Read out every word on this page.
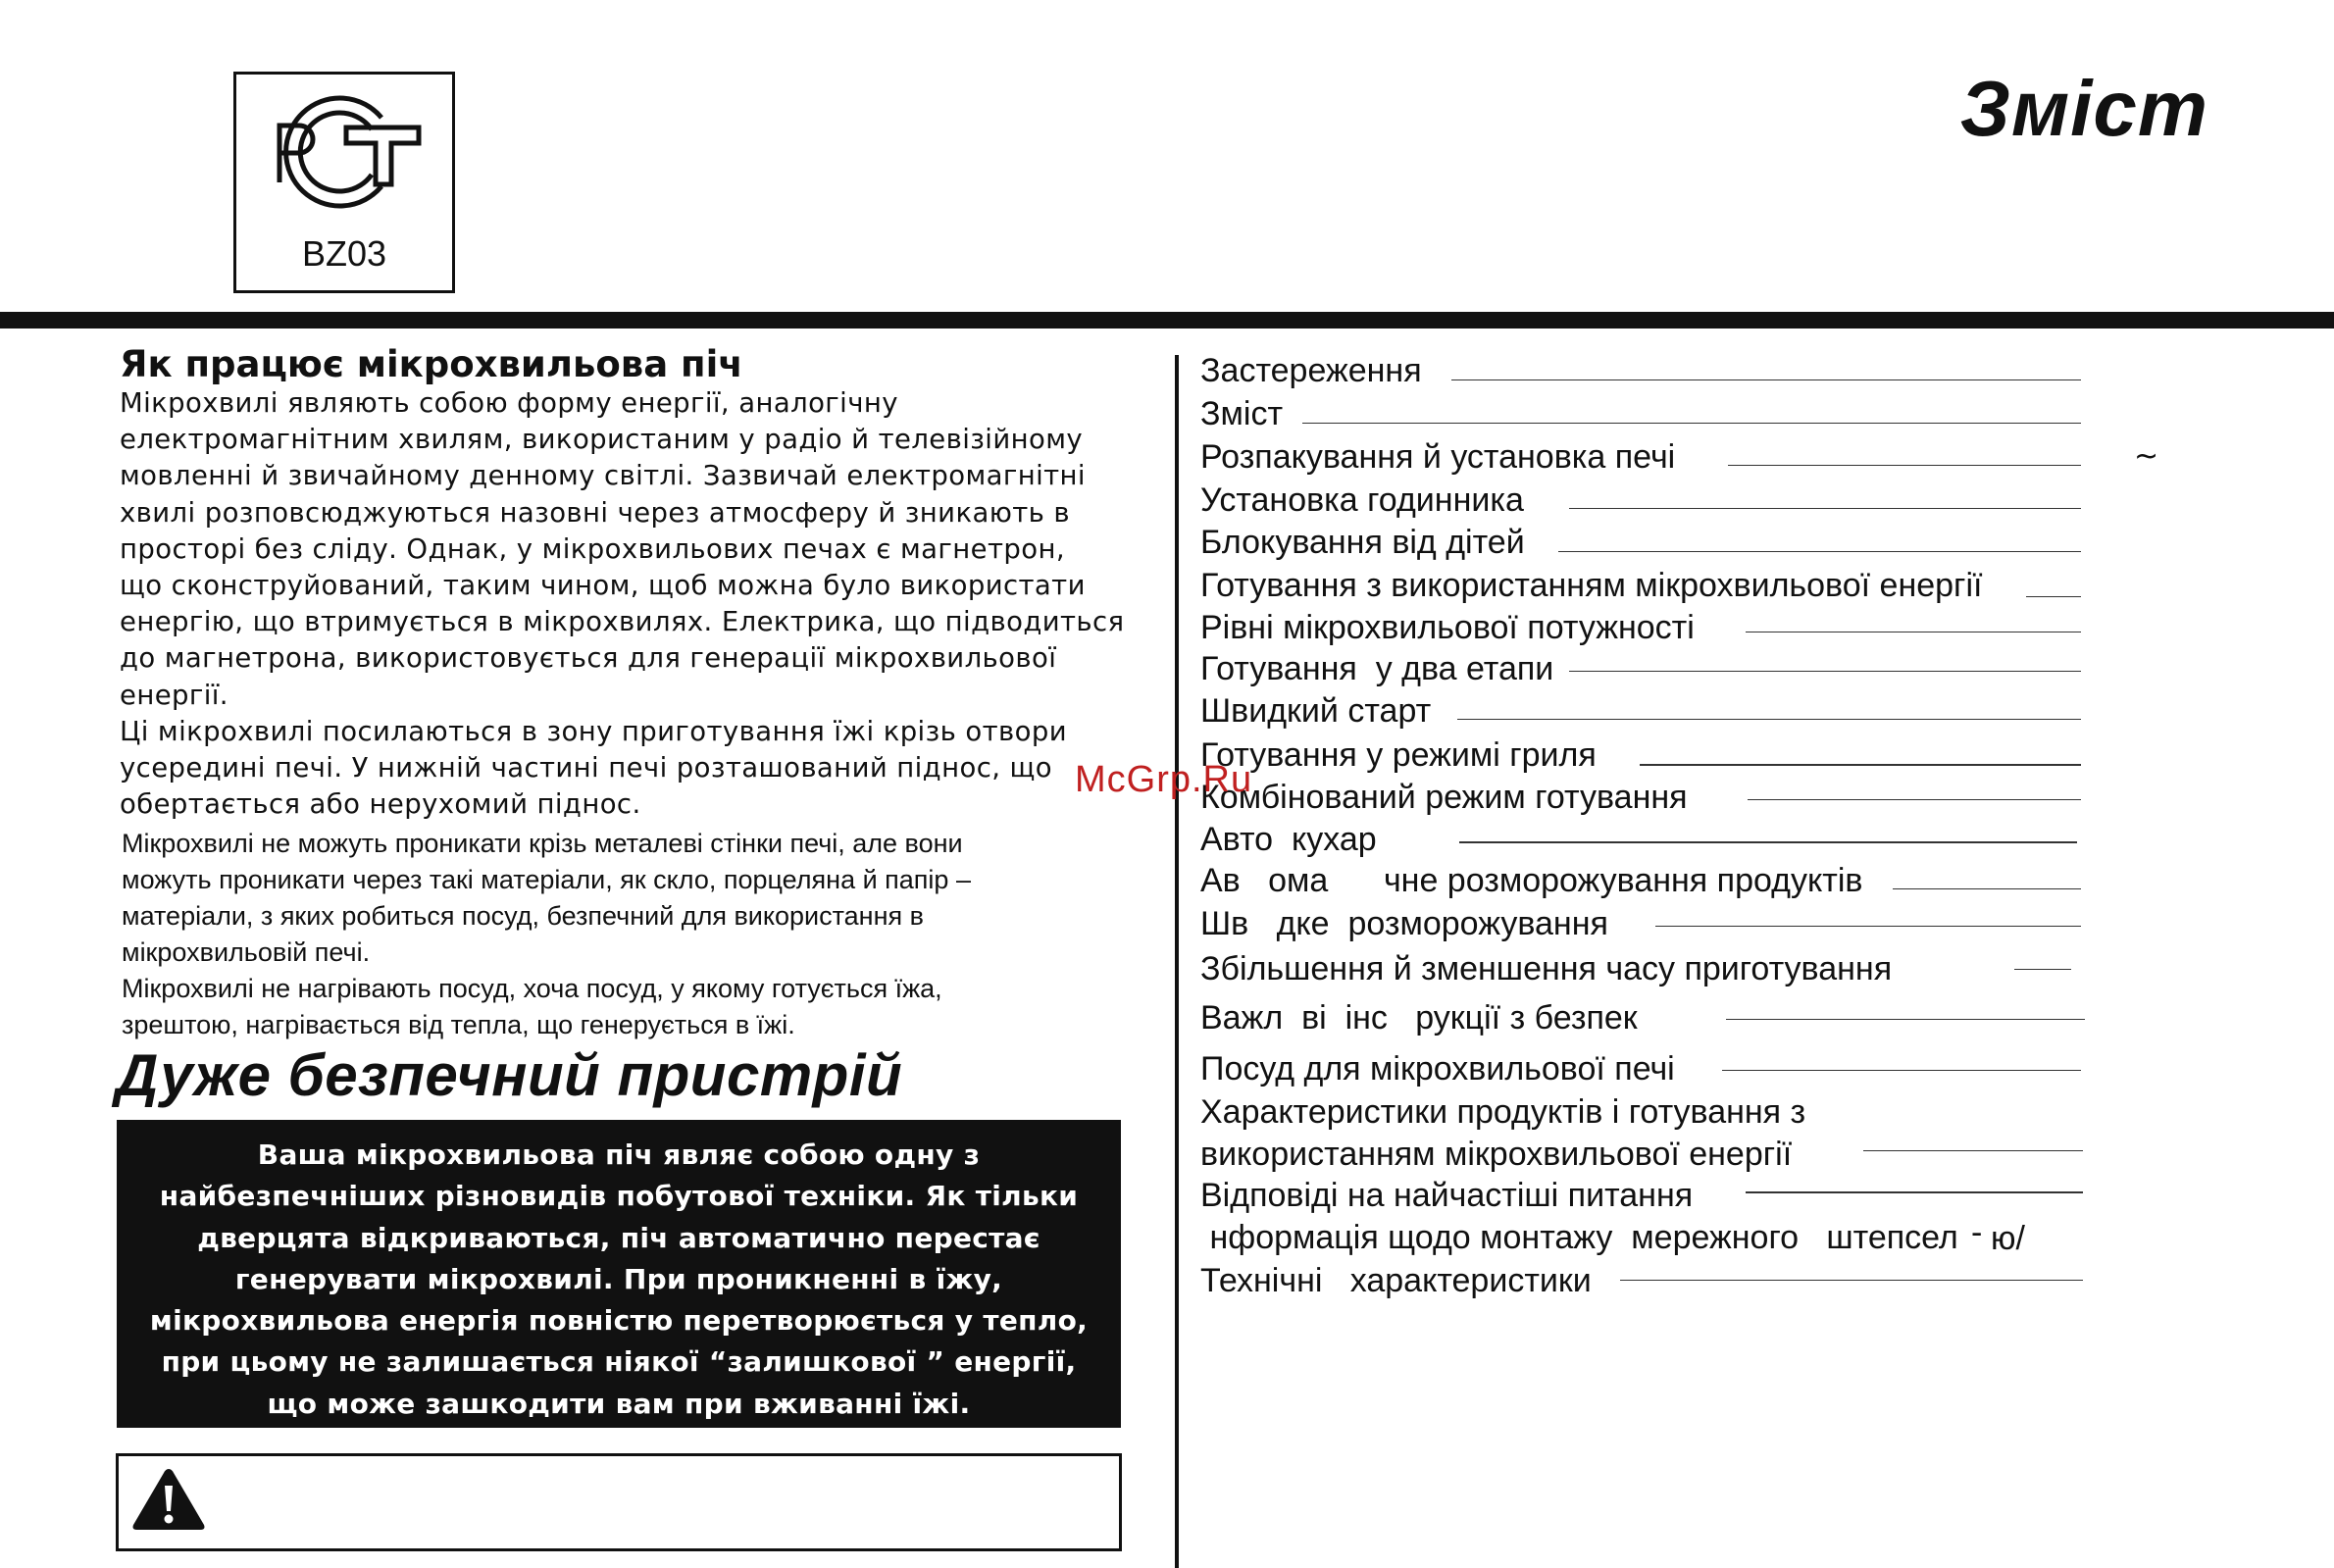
BZ03
Зміст
Як працює мікрохвильова піч

Мікрохвилі являють собою форму енергії, аналогічну

електромагнітним хвилям, використаним у радіо й телевізійному

мовленні й звичайному денному світлі. Зазвичай електромагнітні

хвилі розповсюджуються назовні через атмосферу й зникають в

просторі без сліду. Однак, у мікрохвильових печах є магнетрон,

що сконструйований, таким чином, щоб можна було використати

енергію, що втримується в мікрохвилях. Електрика, що підводиться

до магнетрона, використовується для генерації мікрохвильової

енергії.

Ці мікрохвилі посилаються в зону приготування їжі крізь отвори

усередині печі. У нижній частині печі розташований піднос, що

обертається або нерухомий піднос.

Мікрохвилі не можуть проникати крізь металеві стінки печі, але вони

можуть проникати через такі матеріали, як скло, порцеляна й папір –

матеріали, з яких робиться посуд, безпечний для використання в

мікрохвильовій печі.

Мікрохвилі не нагрівають посуд, хоча посуд, у якому готується їжа,

зрештою, нагрівається від тепла, що генерується в їжі.

Дуже безпечний пристрій

Ваша мікрохвильова піч являє собою одну з

найбезпечніших різновидів побутової техніки. Як тільки

дверцята відкриваються, піч автоматично перестає

генерувати мікрохвилі. При проникненні в їжу,

мікрохвильова енергія повністю перетворюється у тепло,

при цьому не залишається ніякої “залишкової ” енергії,

що може зашкодити вам при вживанні їжі.

Застереження
Зміст
Розпакування й установка печі	~
Установка годинника
Блокування від дітей
Готування з використанням мікрохвильової енергії
Рівні мікрохвильової потужності
Готування  у два етапи
Швидкий старт
Готування у режимі гриля
Комбінований режим готування
Авто  кухар
Ав   ома      чне розморожування продуктів
Шв   дке  розморожування
Збільшення й зменшення часу приготування
Важл  ві  інс   рукції з безпек
Посуд для мікрохвильової печі
Характеристики продуктів і готування з
використанням мікрохвильової енергії
Відповіді на найчастіші питання
нформація щодо монтажу  мережного   штепсел - ю/
Технічні   характеристики
McGrp.Ru
